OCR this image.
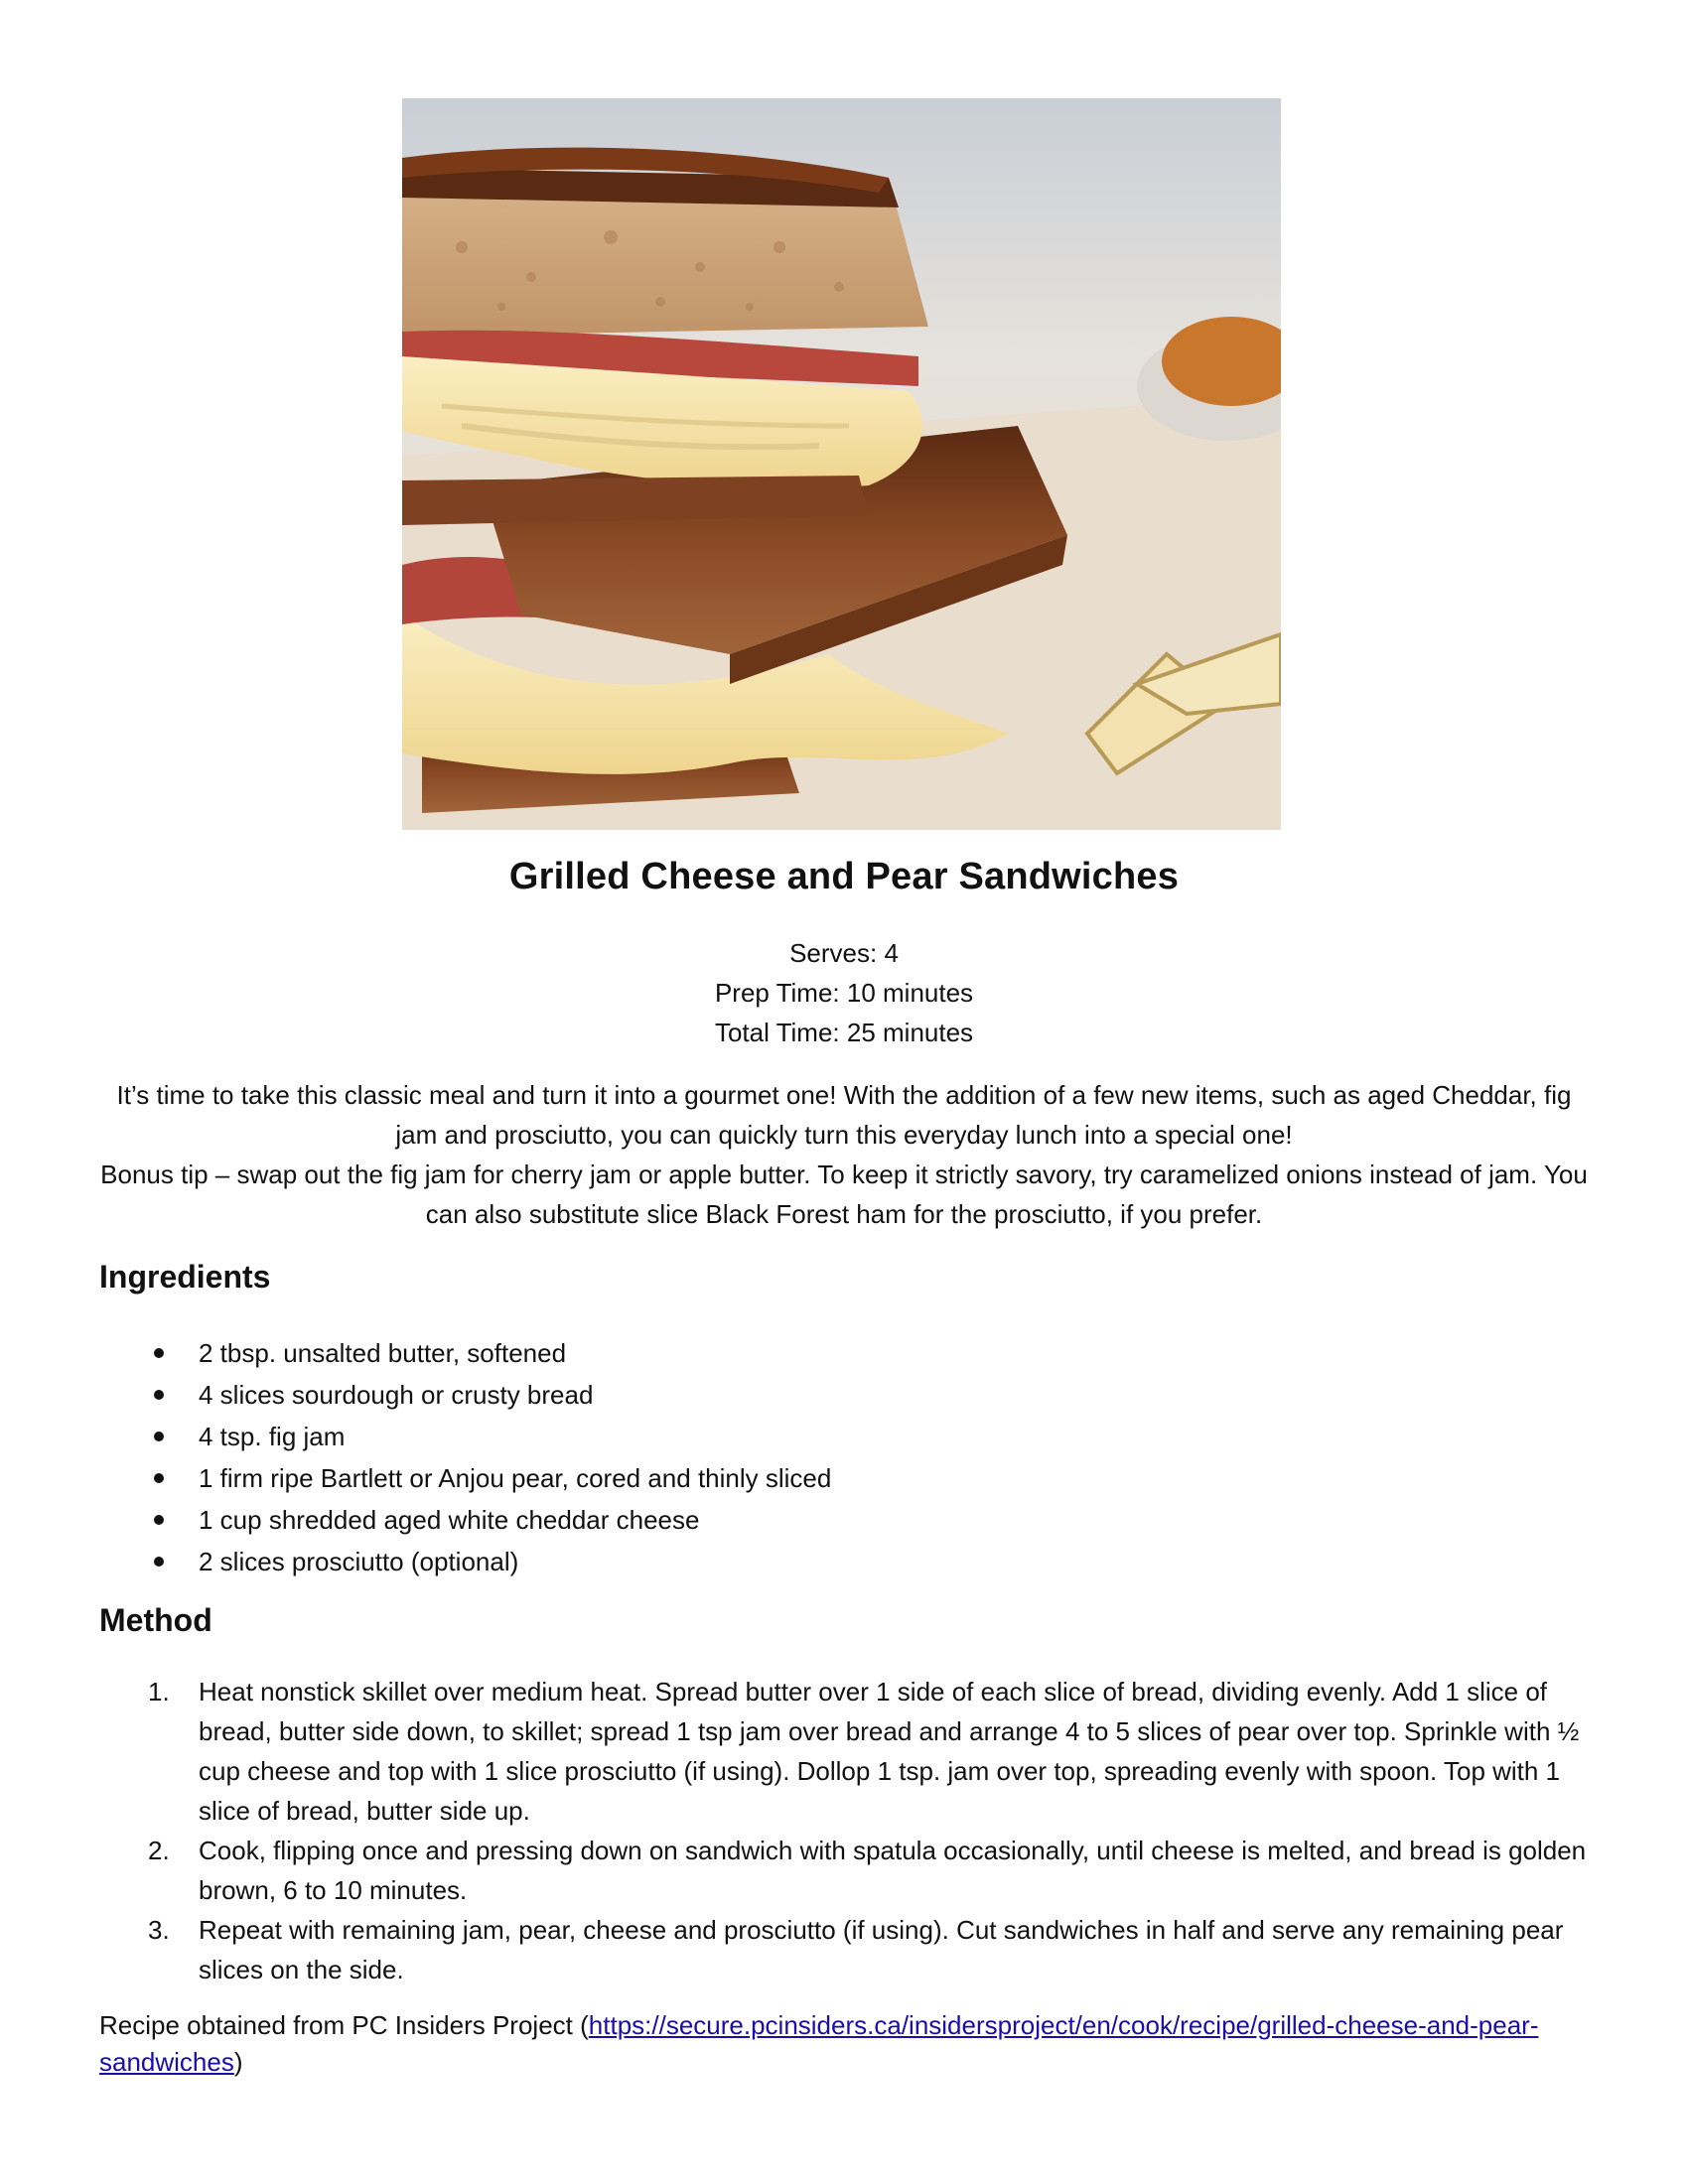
Grilled Cheese and Pear Sandwiches
Serves: 4
Prep Time: 10 minutes
Total Time: 25 minutes

It’s time to take this classic meal and turn it into a gourmet one! With the addition of a few new items, such as aged Cheddar, fig jam and prosciutto, you can quickly turn this everyday lunch into a special one!

Bonus tip – swap out the fig jam for cherry jam or apple butter. To keep it strictly savory, try caramelized onions instead of jam. You can also substitute slice Black Forest ham for the prosciutto, if you prefer.

Ingredients
2 tbsp. unsalted butter, softened
4 slices sourdough or crusty bread
4 tsp. fig jam
1 firm ripe Bartlett or Anjou pear, cored and thinly sliced
1 cup shredded aged white cheddar cheese
2 slices prosciutto (optional)
Method
1. Heat nonstick skillet over medium heat. Spread butter over 1 side of each slice of bread, dividing evenly. Add 1 slice of bread, butter side down, to skillet; spread 1 tsp jam over bread and arrange 4 to 5 slices of pear over top. Sprinkle with ½ cup cheese and top with 1 slice prosciutto (if using). Dollop 1 tsp. jam over top, spreading evenly with spoon. Top with 1 slice of bread, butter side up.
2. Cook, flipping once and pressing down on sandwich with spatula occasionally, until cheese is melted, and bread is golden brown, 6 to 10 minutes.
3. Repeat with remaining jam, pear, cheese and prosciutto (if using). Cut sandwiches in half and serve any remaining pear slices on the side.
Recipe obtained from PC Insiders Project (https://secure.pcinsiders.ca/insidersproject/en/cook/recipe/grilled-cheese-and-pear-sandwiches)
